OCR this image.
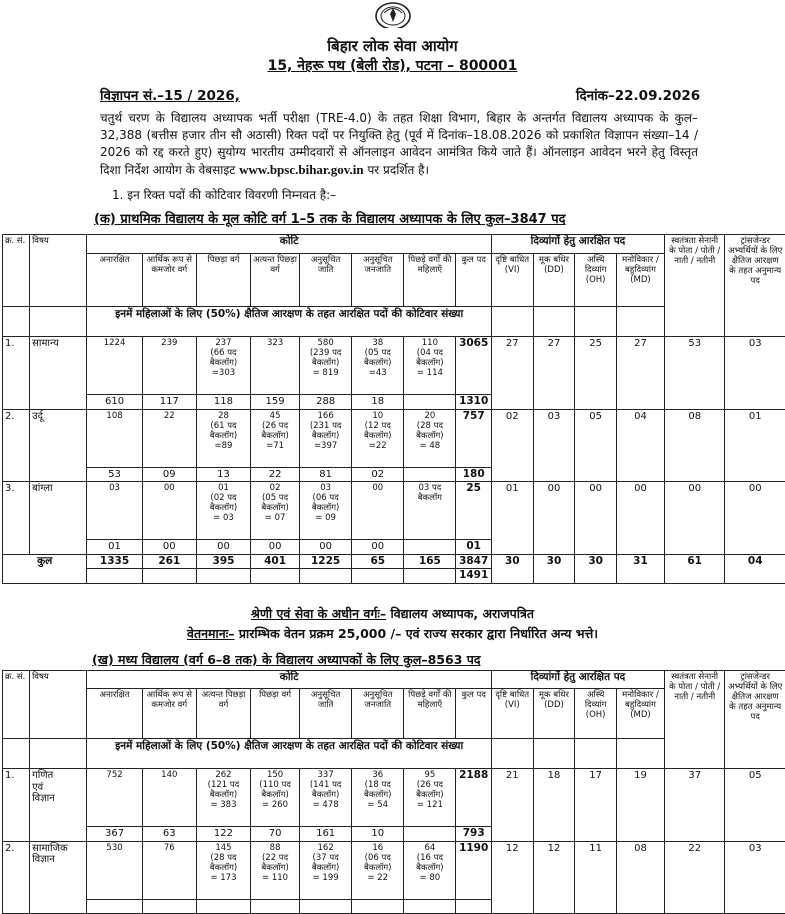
बिहार लोक सेवा आयोग
15, नेहरू पथ (बेली रोड), पटना – 800001
विज्ञापन सं.–15 / 2026,	दिनांक–22.09.2026
चतुर्थ चरण के विद्यालय अध्यापक भर्ती परीक्षा (TRE-4.0) के तहत शिक्षा विभाग, बिहार के अन्तर्गत विद्यालय अध्यापक के कुल– 32,388 (बत्तीस हजार तीन सौ अठासी) रिक्त पदों पर नियुक्ति हेतु (पूर्व में दिनांक–18.08.2026 को प्रकाशित विज्ञापन संख्या–14 / 2026 को रद्द करते हुए) सुयोग्य भारतीय उम्मीदवारों से ऑनलाइन आवेदन आमंत्रित किये जाते हैं। ऑनलाइन आवेदन भरने हेतु विस्तृत दिशा निर्देश आयोग के वेबसाइट www.bpsc.bihar.gov.in पर प्रदर्शित है।
1. इन रिक्त पदों की कोटिवार विवरणी निम्नवत है:–
(क) प्राथमिक विद्यालय के मूल कोटि वर्ग 1–5 तक के विद्यालय अध्यापक के लिए कुल–3847 पद
क्र. सं.	विषय	कोटि								दिव्यांगों हेतु आरक्षित पद				स्वतंत्रता सेनानी के पोता / पोती / नाती / नतीनी	ट्रांसजेन्डर अभ्यर्थियों के लिए क्षैतिज आरक्षण के तहत अनुमान्य पद
		अनारक्षित	आर्थिक रूप से कमजोर वर्ग	पिछड़ा वर्ग	अत्यन्त पिछड़ा वर्ग	अनुसूचित जाति	अनुसूचित जनजाति	पिछड़े वर्गों की महिलाएँ	कुल पद	दृष्टि बाधित (VI)	मूक बधिर (DD)	अस्थि दिव्यांग (OH)	मनोविकार / बहुदिव्यांग (MD)		
		इनमें महिलाओं के लिए (50%) क्षैतिज आरक्षण के तहत आरक्षित पदों की कोटिवार संख्या													
1.	सामान्य	1224	239	237
(66 पद
बैकलॉग)
=303	323	580
(239 पद
बैकलॉग)
= 819	38
(05 पद
बैकलॉग)
=43	110
(04 पद
बैकलॉग)
= 114	3065	27	27	25	27	53	03
		610	117	118	159	288	18		1310						
2.	उर्दू	108	22	28
(61 पद
बैकलॉग)
=89	45
(26 पद
बैकलॉग)
=71	166
(231 पद
बैकलॉग)
=397	10
(12 पद
बैकलॉग)
=22	20
(28 पद
बैकलॉग)
= 48	757	02	03	05	04	08	01
		53	09	13	22	81	02		180						
3.	बांग्ला	03	00	01
(02 पद
बैकलॉग)
= 03	02
(05 पद
बैकलॉग)
= 07	03
(06 पद
बैकलॉग)
= 09	00	03 पद
बैकलॉग	25	01	00	00	00	00	00
		01	00	00	00	00	00		01						
कुल		1335	261	395	401	1225	65	165	3847	30	30	30	31	61	04
									1491						
श्रेणी एवं सेवा के अधीन वर्गः– विद्यालय अध्यापक, अराजपत्रित
वेतनमानः– प्रारम्भिक वेतन प्रक्रम 25,000 /– एवं राज्य सरकार द्वारा निर्धारित अन्य भत्ते।
(ख) मध्य विद्यालय (वर्ग 6–8 तक) के विद्यालय अध्यापकों के लिए कुल–8563 पद
क्र. सं.	विषय	कोटि								दिव्यांगों हेतु आरक्षित पद				स्वतंत्रता सेनानी के पोता / पोती / नाती / नतीनी	ट्रांसजेन्डर अभ्यर्थियों के लिए क्षैतिज आरक्षण के तहत अनुमान्य पद
		अनारक्षित	आर्थिक रूप से कमजोर वर्ग	अत्यन्त पिछड़ा वर्ग	पिछड़ा वर्ग	अनुसूचित जाति	अनुसूचित जनजाति	पिछड़े वर्गों की महिलाएँ	कुल पद	दृष्टि बाधित (VI)	मूक बधिर (DD)	अस्थि दिव्यांग (OH)	मनोविकार / बहुदिव्यांग (MD)		
		इनमें महिलाओं के लिए (50%) क्षैतिज आरक्षण के तहत आरक्षित पदों की कोटिवार संख्या													
1.	गणित
एवं
विज्ञान	752	140	262
(121 पद
बैकलॉग)
= 383	150
(110 पद
बैकलॉग)
= 260	337
(141 पद
बैकलॉग)
= 478	36
(18 पद
बैकलॉग)
= 54	95
(26 पद
बैकलॉग)
= 121	2188	21	18	17	19	37	05
		367	63	122	70	161	10		793						
2.	सामाजिक
विज्ञान	530	76	145
(28 पद
बैकलॉग)
= 173	88
(22 पद
बैकलॉग)
= 110	162
(37 पद
बैकलॉग)
= 199	16
(06 पद
बैकलॉग)
= 22	64
(16 पद
बैकलॉग)
= 80	1190	12	12	11	08	22	03
